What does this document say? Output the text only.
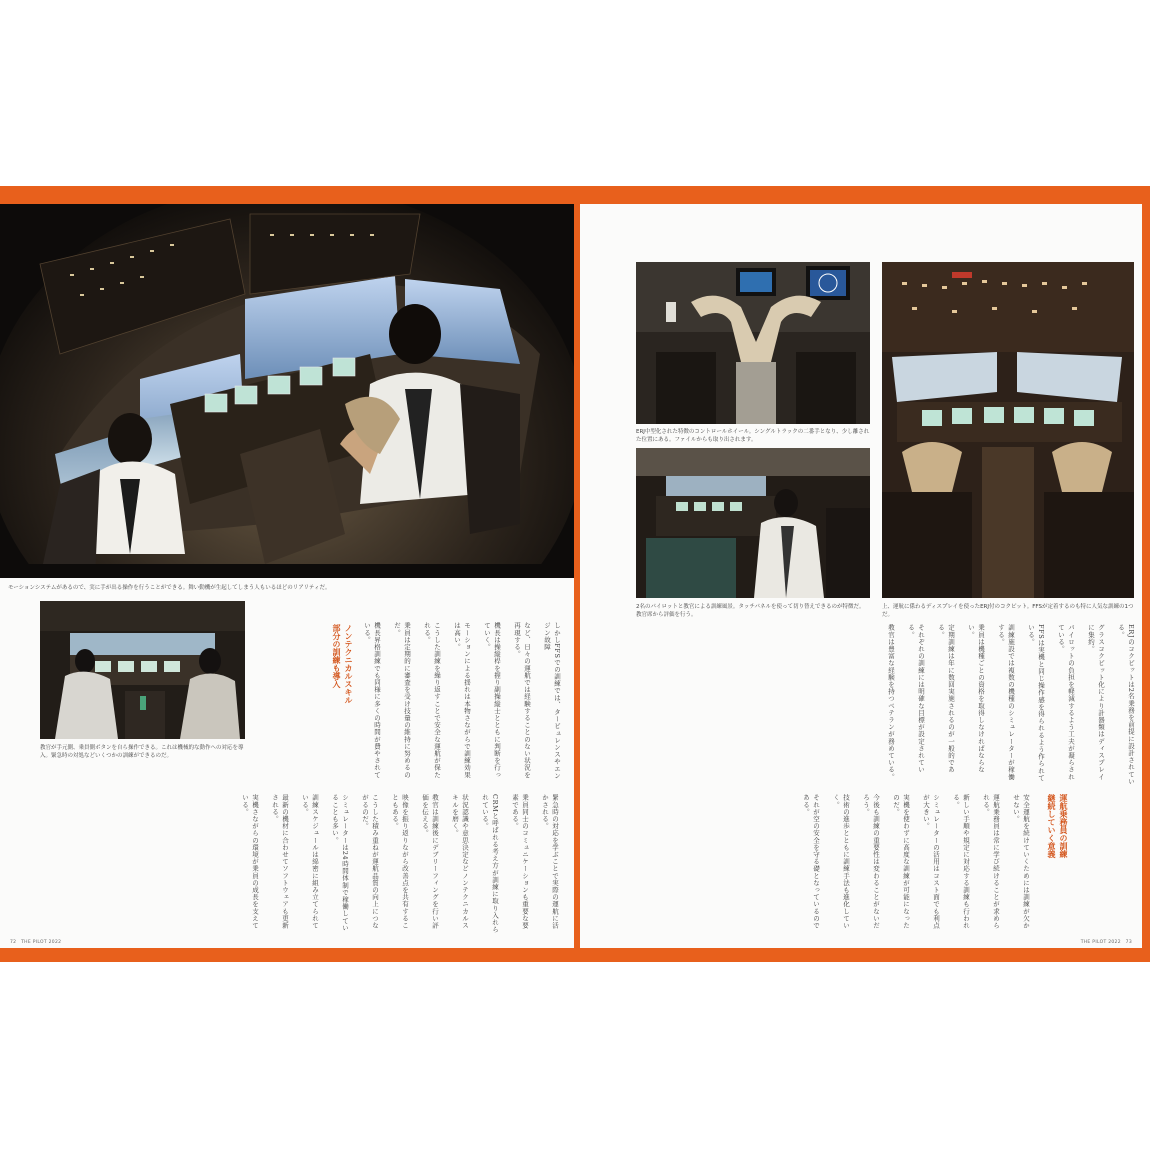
モーションシステムがあるので、実に手が出る操作を行うことができる。舞い動機が生起してしまう人もいるほどのリアリティだ。
教官が手元側、乗員側ボタンを自ら操作できる。これは機械的な動作への対応を導入。緊急時の対処などいくつかの訓練ができるのだ。
ノンテクニカルスキル
部分の訓練も導入	しかしFFSでの訓練では、タービュレンスやエンジン故障
など、日々の運航では経験することのない状況を再現する。
機長は操縦桿を握り副操縦士とともに判断を行っていく。
モーションによる揺れは本物さながらで訓練効果は高い。
こうした訓練を繰り返すことで安全な運航が保たれる。
乗員は定期的に審査を受け技量の維持に努めるのだ。
機長昇格訓練でも同様に多くの時間が費やされている。
緊急時の対応を学ぶことで実際の運航に活かされる。
乗員同士のコミュニケーションも重要な要素である。
CRMと呼ばれる考え方が訓練に取り入れられている。
状況認識や意思決定などノンテクニカルスキルを磨く。
教官は訓練後にデブリーフィングを行い評価を伝える。
映像を振り返りながら改善点を共有することもある。
こうした積み重ねが運航品質の向上につながるのだ。
シミュレーターは24時間体制で稼働していることも多い。
訓練スケジュールは綿密に組み立てられている。
最新の機材に合わせてソフトウェアも更新される。
実機さながらの環境が乗員の成長を支えている。
72　THE PILOT 2022
ERJ中型化された特徴のコントロールホイール。シングルトラックの二番手となり、少し離された位置にある。ファイルからも取り出されます。
2名のパイロットと教官による訓練風景。タッチパネルを使って切り替えできるのが特徴だ。教官席から評価を行う。
上、運航に係わるディスプレイを使ったERJ付のコクピット。FFSが定着するのも特に人気な訓練の1つだ。
運航乗務員の訓練
継続していく意義
ERJのコクピットは2名乗務を前提に設計されている。
グラスコクピット化により計器類はディスプレイに集約。
パイロットの負担を軽減するよう工夫が凝らされている。
FFSは実機と同じ操作感を得られるよう作られている。
訓練施設では複数の機種のシミュレーターが稼働する。
乗員は機種ごとの資格を取得しなければならない。
定期訓練は年に数回実施されるのが一般的である。
それぞれの訓練には明確な目標が設定されている。
教官は豊富な経験を持つベテランが務めている。
安全運航を続けていくためには訓練が欠かせない。
運航乗務員は常に学び続けることが求められる。
新しい手順や規定に対応する訓練も行われる。
シミュレーターの活用はコスト面でも利点が大きい。
実機を使わずに高度な訓練が可能になったのだ。
今後も訓練の重要性は変わることがないだろう。
技術の進歩とともに訓練手法も進化していく。
それが空の安全を守る礎となっているのである。
THE PILOT 2022　73
